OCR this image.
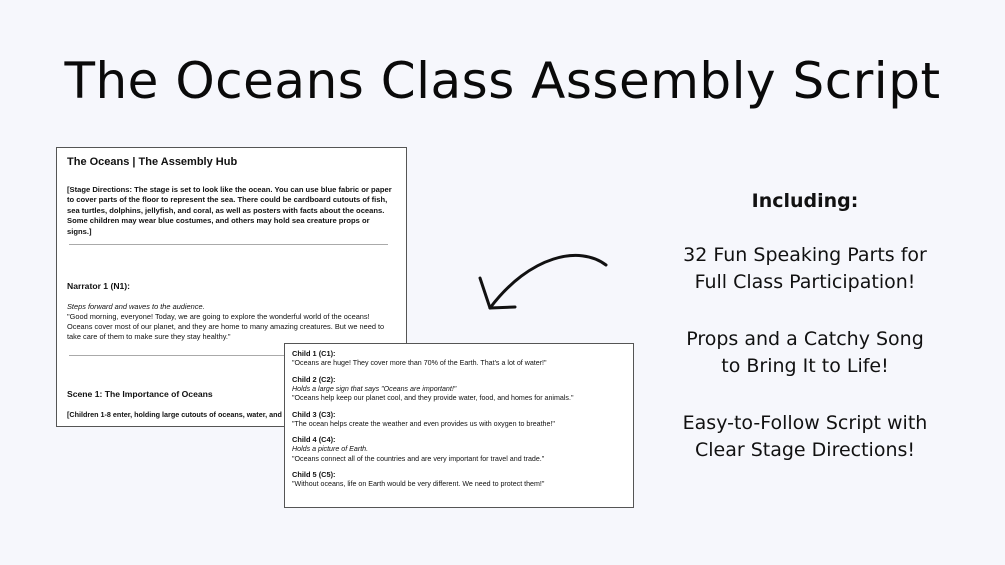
The Oceans Class Assembly Script
The Oceans | The Assembly Hub
[Stage Directions: The stage is set to look like the ocean. You can use blue fabric or paper to cover parts of the floor to represent the sea. There could be cardboard cutouts of fish, sea turtles, dolphins, jellyfish, and coral, as well as posters with facts about the oceans. Some children may wear blue costumes, and others may hold sea creature props or signs.]
Narrator 1 (N1):
Steps forward and waves to the audience.
"Good morning, everyone! Today, we are going to explore the wonderful world of the oceans! Oceans cover most of our planet, and they are home to many amazing creatures. But we need to take care of them to make sure they stay healthy."
Scene 1: The Importance of Oceans
[Children 1-8 enter, holding large cutouts of oceans, water, and
Child 1 (C1):
"Oceans are huge! They cover more than 70% of the Earth. That's a lot of water!"
Child 2 (C2):
Holds a large sign that says "Oceans are important!"
"Oceans help keep our planet cool, and they provide water, food, and homes for animals."
Child 3 (C3):
"The ocean helps create the weather and even provides us with oxygen to breathe!"
Child 4 (C4):
Holds a picture of Earth.
"Oceans connect all of the countries and are very important for travel and trade."
Child 5 (C5):
"Without oceans, life on Earth would be very different. We need to protect them!"
Including:
32 Fun Speaking Parts for
Full Class Participation!
Props and a Catchy Song
to Bring It to Life!
Easy-to-Follow Script with
Clear Stage Directions!
